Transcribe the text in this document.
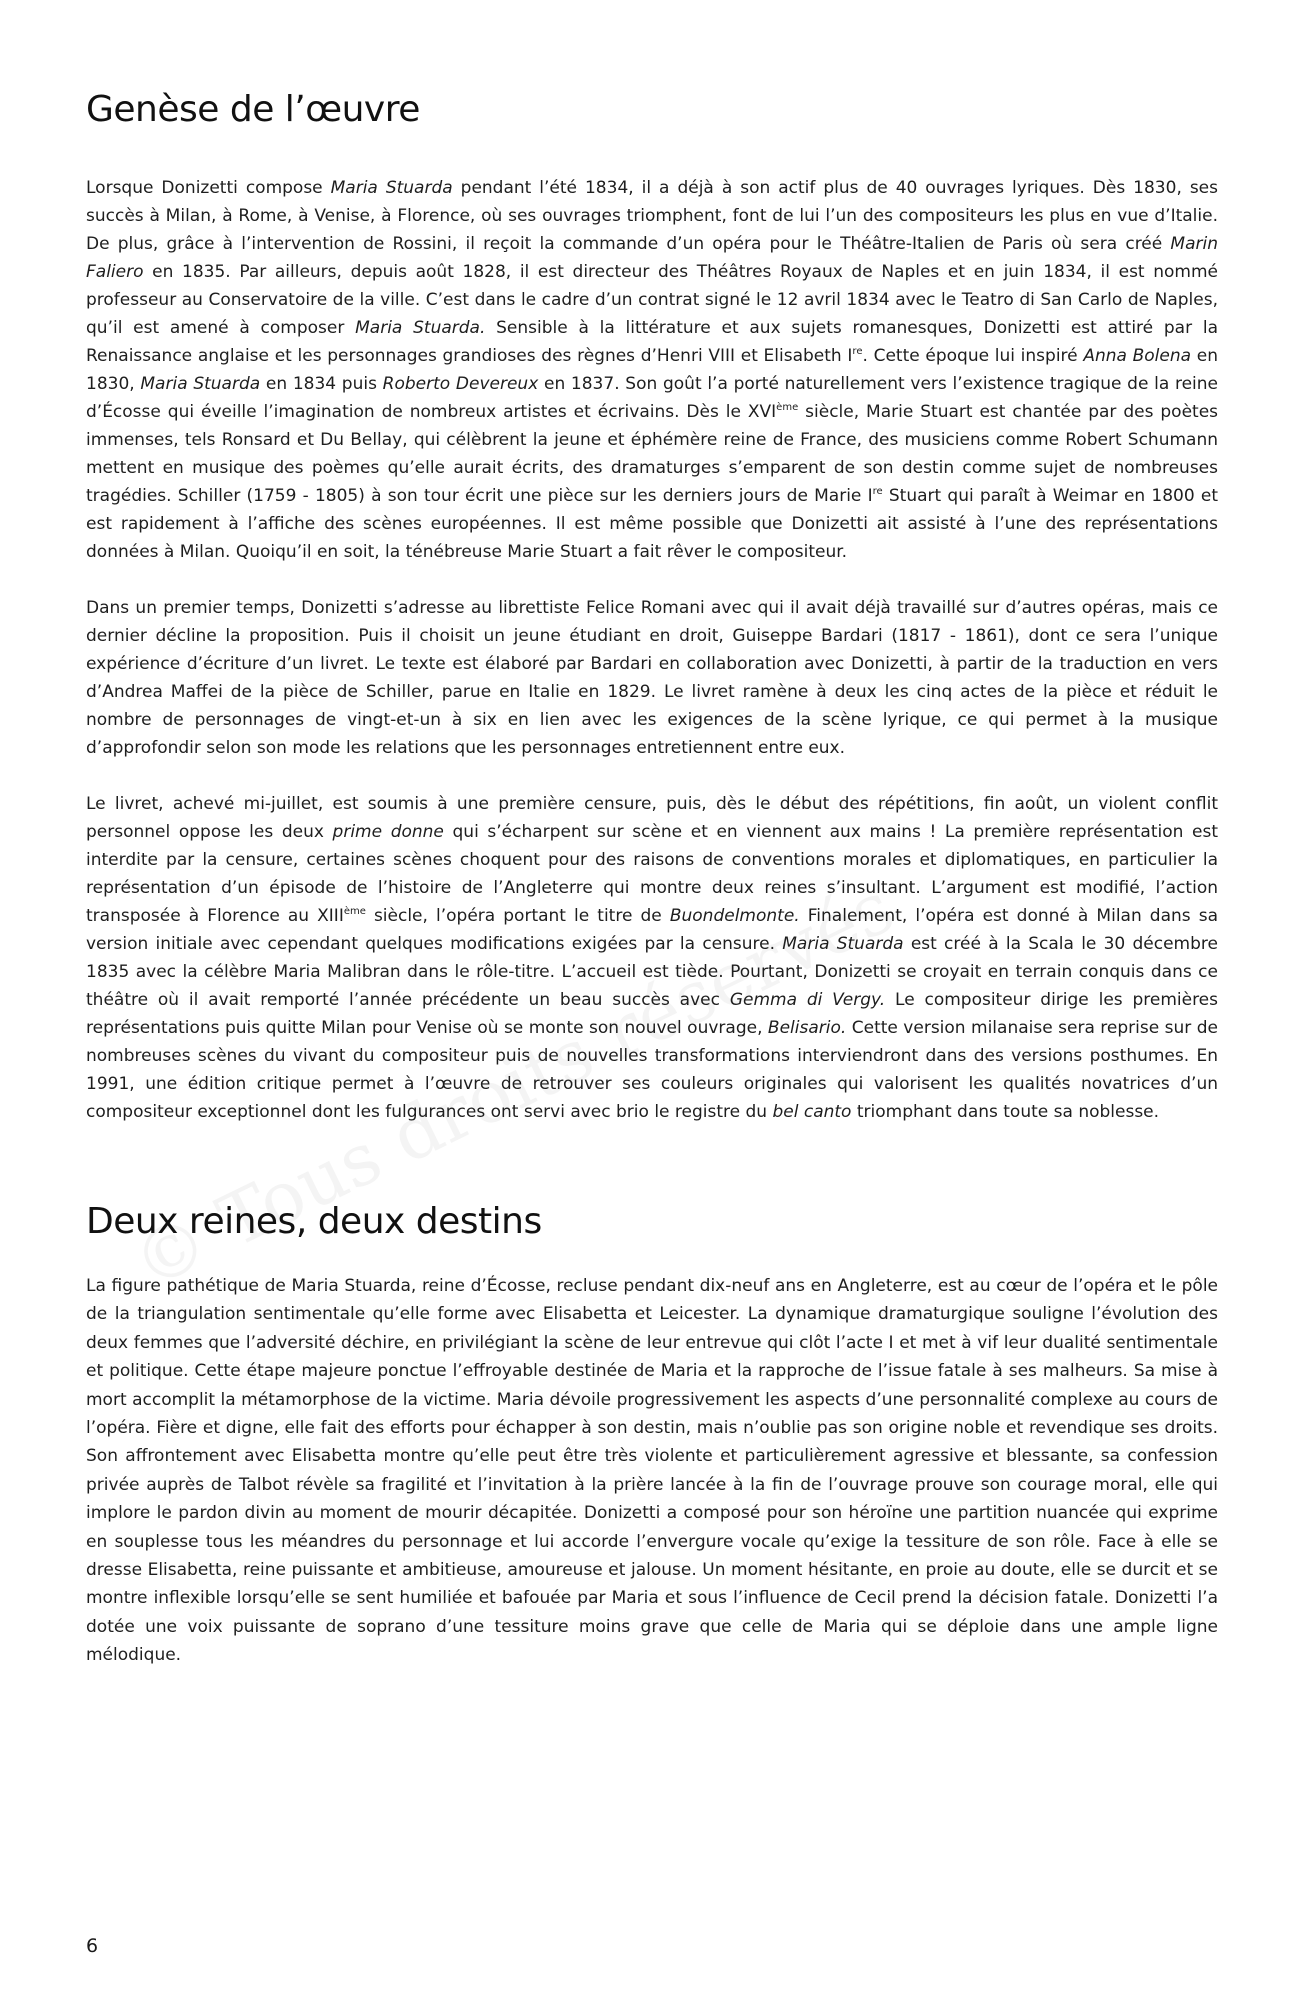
Genèse de l’œuvre

Lorsque Donizetti compose Maria Stuarda pendant l’été 1834, il a déjà à son actif plus de 40 ouvrages lyriques. Dès 1830, ses succès à Milan, à Rome, à Venise, à Florence, où ses ouvrages triomphent, font de lui l’un des compositeurs les plus en vue d’Italie. De plus, grâce à l’intervention de Rossini, il reçoit la commande d’un opéra pour le Théâtre-Italien de Paris où sera créé Marin Faliero en 1835. Par ailleurs, depuis août 1828, il est directeur des Théâtres Royaux de Naples et en juin 1834, il est nommé professeur au Conservatoire de la ville. C’est dans le cadre d’un contrat signé le 12 avril 1834 avec le Teatro di San Carlo de Naples, qu’il est amené à composer Maria Stuarda. Sensible à la littérature et aux sujets romanesques, Donizetti est attiré par la Renaissance anglaise et les personnages grandioses des règnes d’Henri VIII et Elisabeth Ire. Cette époque lui inspiré Anna Bolena en 1830, Maria Stuarda en 1834 puis Roberto Devereux en 1837. Son goût l’a porté naturellement vers l’existence tragique de la reine d’Écosse qui éveille l’imagination de nombreux artistes et écrivains. Dès le XVIème siècle, Marie Stuart est chantée par des poètes immenses, tels Ronsard et Du Bellay, qui célèbrent la jeune et éphémère reine de France, des musiciens comme Robert Schumann mettent en musique des poèmes qu’elle aurait écrits, des dramaturges s’emparent de son destin comme sujet de nombreuses tragédies. Schiller (1759 - 1805) à son tour écrit une pièce sur les derniers jours de Marie Ire Stuart qui paraît à Weimar en 1800 et est rapidement à l’affiche des scènes européennes. Il est même possible que Donizetti ait assisté à l’une des représentations données à Milan. Quoiqu’il en soit, la ténébreuse Marie Stuart a fait rêver le compositeur.

Dans un premier temps, Donizetti s’adresse au librettiste Felice Romani avec qui il avait déjà travaillé sur d’autres opéras, mais ce dernier décline la proposition. Puis il choisit un jeune étudiant en droit, Guiseppe Bardari (1817 - 1861), dont ce sera l’unique expérience d’écriture d’un livret. Le texte est élaboré par Bardari en collaboration avec Donizetti, à partir de la traduction en vers d’Andrea Maffei de la pièce de Schiller, parue en Italie en 1829. Le livret ramène à deux les cinq actes de la pièce et réduit le nombre de personnages de vingt-et-un à six en lien avec les exigences de la scène lyrique, ce qui permet à la musique d’approfondir selon son mode les relations que les personnages entretiennent entre eux.

Le livret, achevé mi-juillet, est soumis à une première censure, puis, dès le début des répétitions, fin août, un violent conflit personnel oppose les deux prime donne qui s’écharpent sur scène et en viennent aux mains ! La première représentation est interdite par la censure, certaines scènes choquent pour des raisons de conventions morales et diplomatiques, en particulier la représentation d’un épisode de l’histoire de l’Angleterre qui montre deux reines s’insultant. L’argument est modifié, l’action transposée à Florence au XIIIème siècle, l’opéra portant le titre de Buondelmonte. Finalement, l’opéra est donné à Milan dans sa version initiale avec cependant quelques modifications exigées par la censure. Maria Stuarda est créé à la Scala le 30 décembre 1835 avec la célèbre Maria Malibran dans le rôle-titre. L’accueil est tiède. Pourtant, Donizetti se croyait en terrain conquis dans ce théâtre où il avait remporté l’année précédente un beau succès avec Gemma di Vergy. Le compositeur dirige les premières représentations puis quitte Milan pour Venise où se monte son nouvel ouvrage, Belisario. Cette version milanaise sera reprise sur de nombreuses scènes du vivant du compositeur puis de nouvelles transformations interviendront dans des versions posthumes. En 1991, une édition critique permet à l’œuvre de retrouver ses couleurs originales qui valorisent les qualités novatrices d’un compositeur exceptionnel dont les fulgurances ont servi avec brio le registre du bel canto triomphant dans toute sa noblesse.

Deux reines, deux destins

La figure pathétique de Maria Stuarda, reine d’Écosse, recluse pendant dix-neuf ans en Angleterre, est au cœur de l’opéra et le pôle de la triangulation sentimentale qu’elle forme avec Elisabetta et Leicester. La dynamique dramaturgique souligne l’évolution des deux femmes que l’adversité déchire, en privilégiant la scène de leur entrevue qui clôt l’acte I et met à vif leur dualité sentimentale et politique. Cette étape majeure ponctue l’effroyable destinée de Maria et la rapproche de l’issue fatale à ses malheurs. Sa mise à mort accomplit la métamorphose de la victime. Maria dévoile progressivement les aspects d’une personnalité complexe au cours de l’opéra. Fière et digne, elle fait des efforts pour échapper à son destin, mais n’oublie pas son origine noble et revendique ses droits. Son affrontement avec Elisabetta montre qu’elle peut être très violente et particulièrement agressive et blessante, sa confession privée auprès de Talbot révèle sa fragilité et l’invitation à la prière lancée à la fin de l’ouvrage prouve son courage moral, elle qui implore le pardon divin au moment de mourir décapitée. Donizetti a composé pour son héroïne une partition nuancée qui exprime en souplesse tous les méandres du personnage et lui accorde l’envergure vocale qu’exige la tessiture de son rôle. Face à elle se dresse Elisabetta, reine puissante et ambitieuse, amoureuse et jalouse. Un moment hésitante, en proie au doute, elle se durcit et se montre inflexible lorsqu’elle se sent humiliée et bafouée par Maria et sous l’influence de Cecil prend la décision fatale. Donizetti l’a dotée une voix puissante de soprano d’une tessiture moins grave que celle de Maria qui se déploie dans une ample ligne mélodique.

6
